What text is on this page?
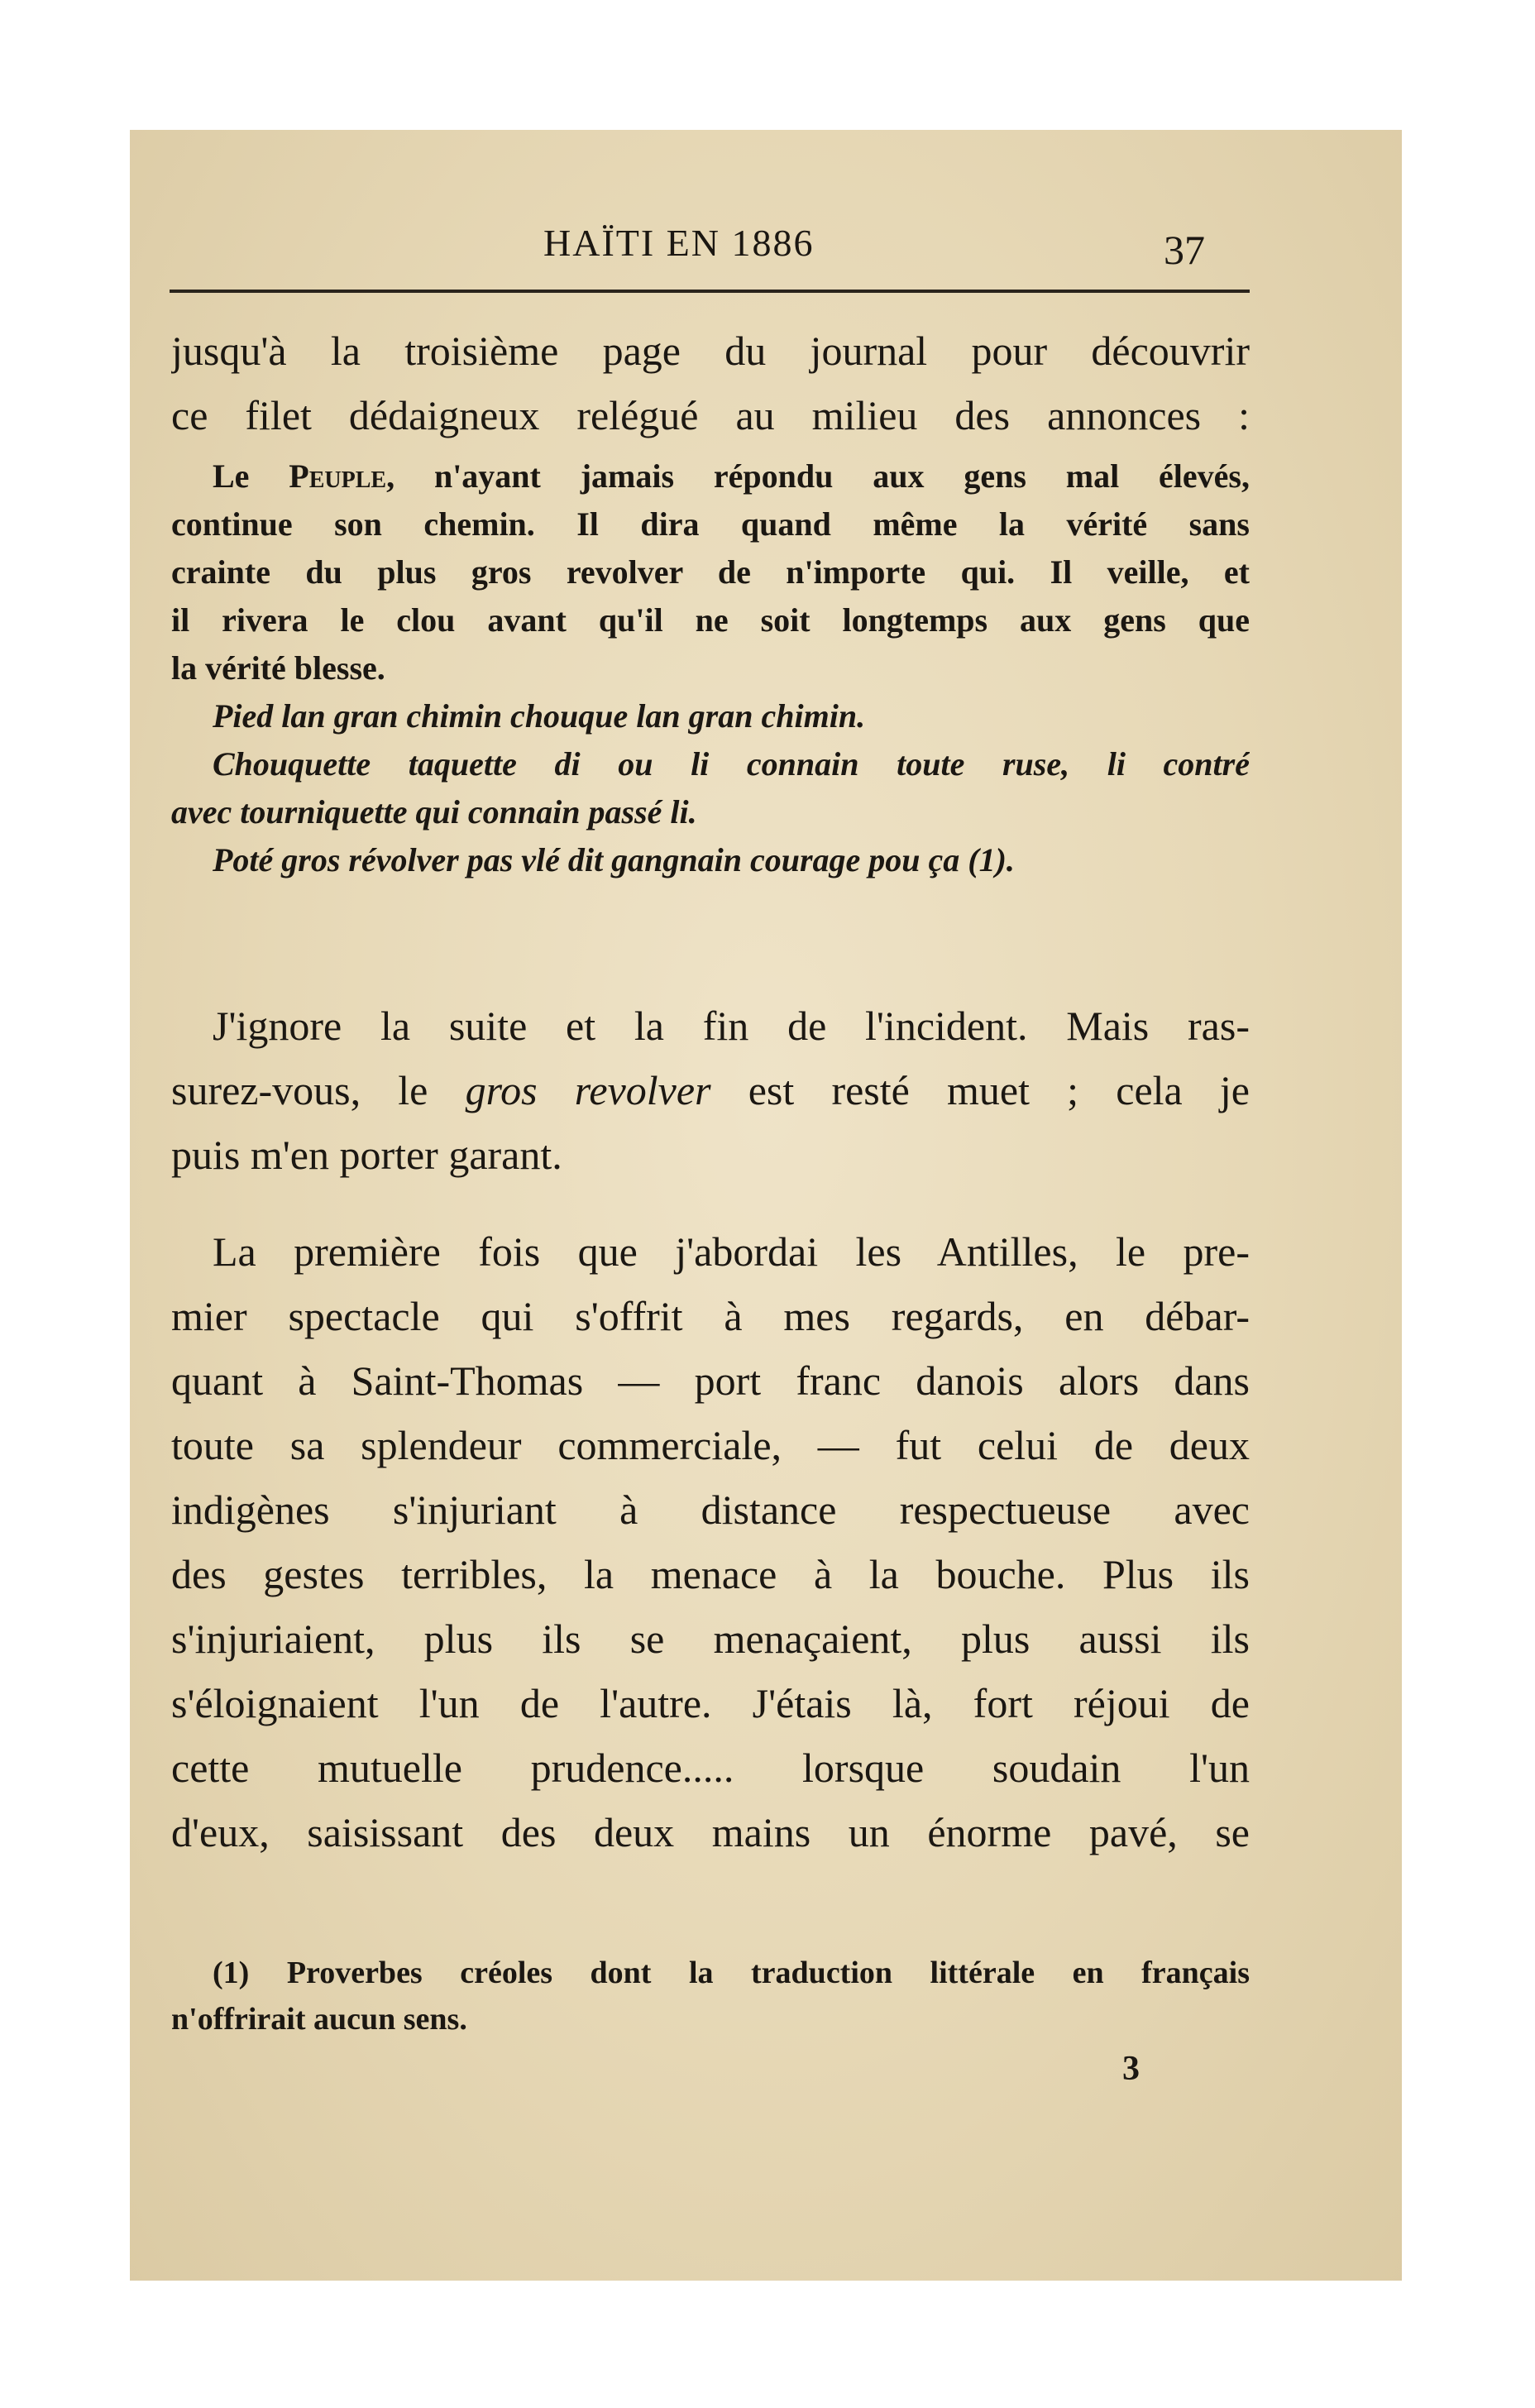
HAÏTI EN 1886	37

jusqu'à la troisième page du journal pour découvrir

ce filet dédaigneux relégué au milieu des annonces :

Le Peuple, n'ayant jamais répondu aux gens mal élevés,

continue son chemin. Il dira quand même la vérité sans

crainte du plus gros revolver de n'importe qui. Il veille, et

il rivera le clou avant qu'il ne soit longtemps aux gens que

la vérité blesse.

Pied lan gran chimin chouque lan gran chimin.

Chouquette taquette di ou li connain toute ruse, li contré

avec tourniquette qui connain passé li.

Poté gros révolver pas vlé dit gangnain courage pou ça (1).

J'ignore la suite et la fin de l'incident. Mais ras-

surez-vous, le gros revolver est resté muet ; cela je

puis m'en porter garant.

La première fois que j'abordai les Antilles, le pre-

mier spectacle qui s'offrit à mes regards, en débar-

quant à Saint-Thomas — port franc danois alors dans

toute sa splendeur commerciale, — fut celui de deux

indigènes s'injuriant à distance respectueuse avec

des gestes terribles, la menace à la bouche. Plus ils

s'injuriaient, plus ils se menaçaient, plus aussi ils

s'éloignaient l'un de l'autre. J'étais là, fort réjoui de

cette mutuelle prudence..... lorsque soudain l'un

d'eux, saisissant des deux mains un énorme pavé, se

(1) Proverbes créoles dont la traduction littérale en français

n'offrirait aucun sens.

3
